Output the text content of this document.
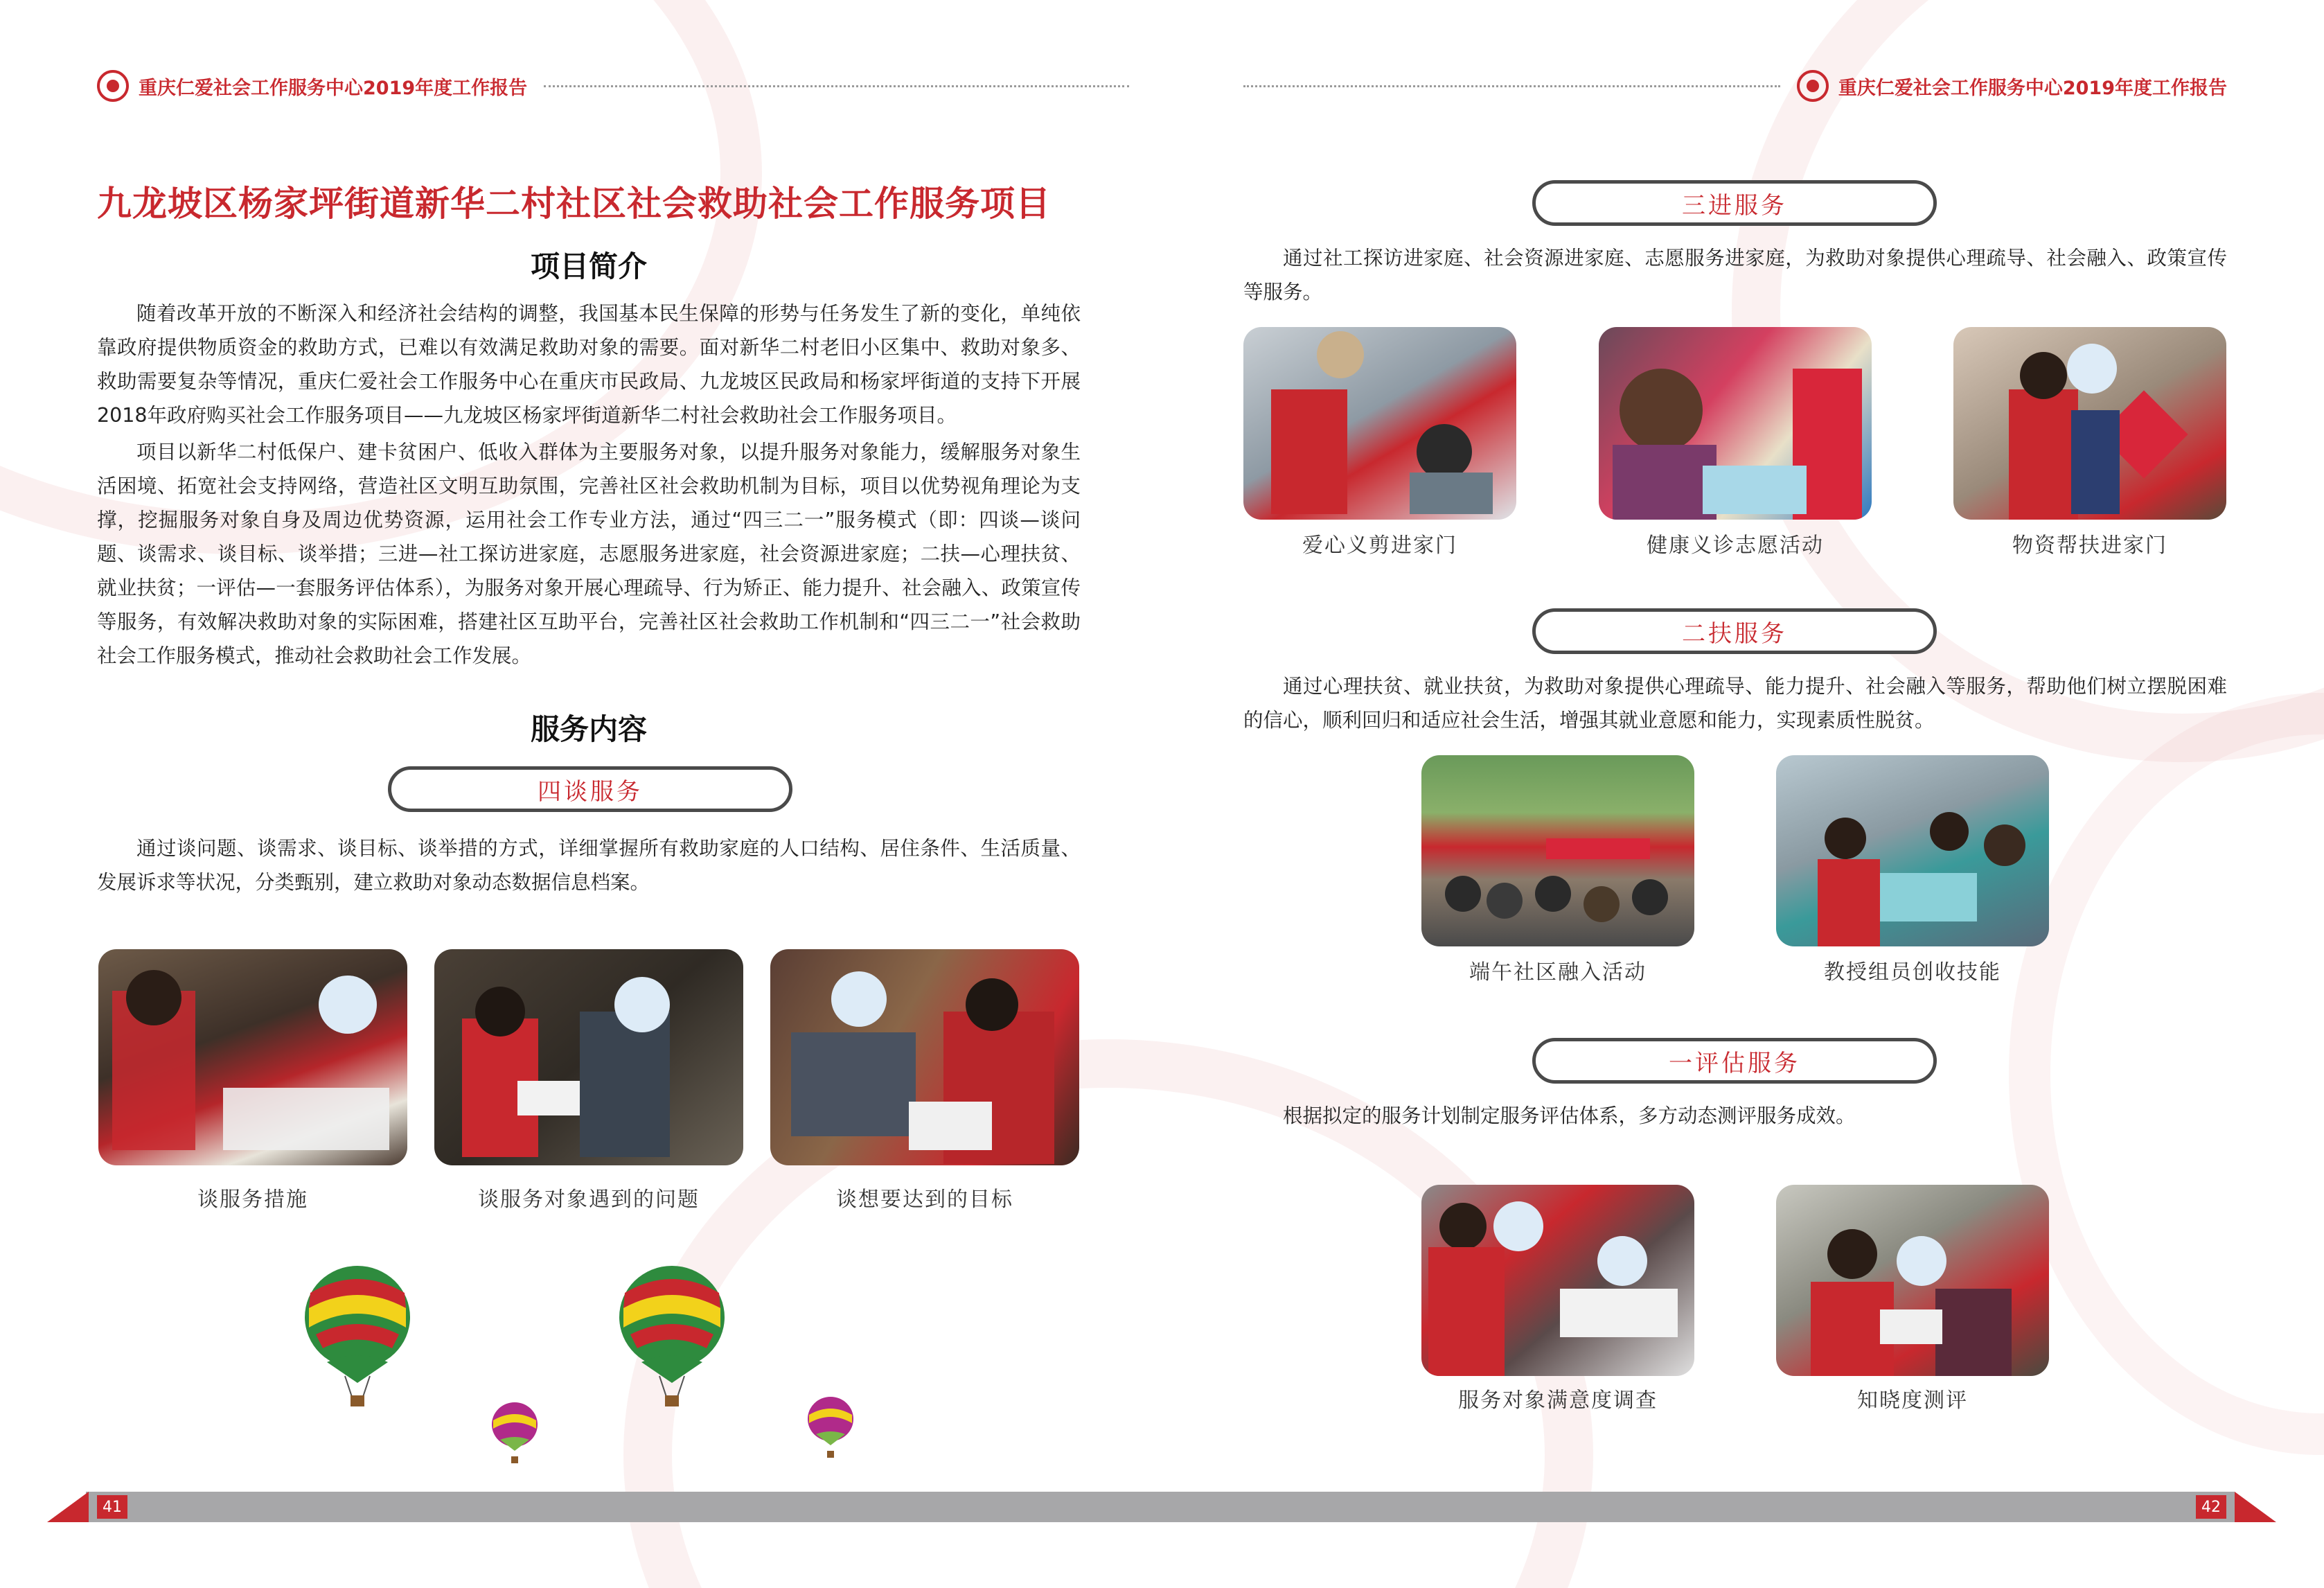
重庆仁爱社会工作服务中心2019年度工作报告	重庆仁爱社会工作服务中心2019年度工作报告
九龙坡区杨家坪街道新华二村社区社会救助社会工作服务项目
项目简介

随着改革开放的不断深入和经济社会结构的调整，我国基本民生保障的形势与任务发生了新的变化，单纯依靠政府提供物质资金的救助方式，已难以有效满足救助对象的需要。面对新华二村老旧小区集中、救助对象多、救助需要复杂等情况，重庆仁爱社会工作服务中心在重庆市民政局、九龙坡区民政局和杨家坪街道的支持下开展2018年政府购买社会工作服务项目——九龙坡区杨家坪街道新华二村社会救助社会工作服务项目。

项目以新华二村低保户、建卡贫困户、低收入群体为主要服务对象，以提升服务对象能力，缓解服务对象生活困境、拓宽社会支持网络，营造社区文明互助氛围，完善社区社会救助机制为目标，项目以优势视角理论为支撑，挖掘服务对象自身及周边优势资源，运用社会工作专业方法，通过“四三二一”服务模式（即：四谈—谈问题、谈需求、谈目标、谈举措；三进—社工探访进家庭，志愿服务进家庭，社会资源进家庭；二扶—心理扶贫、就业扶贫；一评估—一套服务评估体系），为服务对象开展心理疏导、行为矫正、能力提升、社会融入、政策宣传等服务，有效解决救助对象的实际困难，搭建社区互助平台，完善社区社会救助工作机制和“四三二一”社会救助社会工作服务模式，推动社会救助社会工作发展。

服务内容
四谈服务

通过谈问题、谈需求、谈目标、谈举措的方式，详细掌握所有救助家庭的人口结构、居住条件、生活质量、发展诉求等状况，分类甄别，建立救助对象动态数据信息档案。

谈服务措施	谈服务对象遇到的问题	谈想要达到的目标
三进服务

通过社工探访进家庭、社会资源进家庭、志愿服务进家庭，为救助对象提供心理疏导、社会融入、政策宣传等服务。

爱心义剪进家门	健康义诊志愿活动	物资帮扶进家门
二扶服务

通过心理扶贫、就业扶贫，为救助对象提供心理疏导、能力提升、社会融入等服务，帮助他们树立摆脱困难的信心，顺利回归和适应社会生活，增强其就业意愿和能力，实现素质性脱贫。

端午社区融入活动	教授组员创收技能
一评估服务

根据拟定的服务计划制定服务评估体系，多方动态测评服务成效。

服务对象满意度调查	知晓度测评
41	42
